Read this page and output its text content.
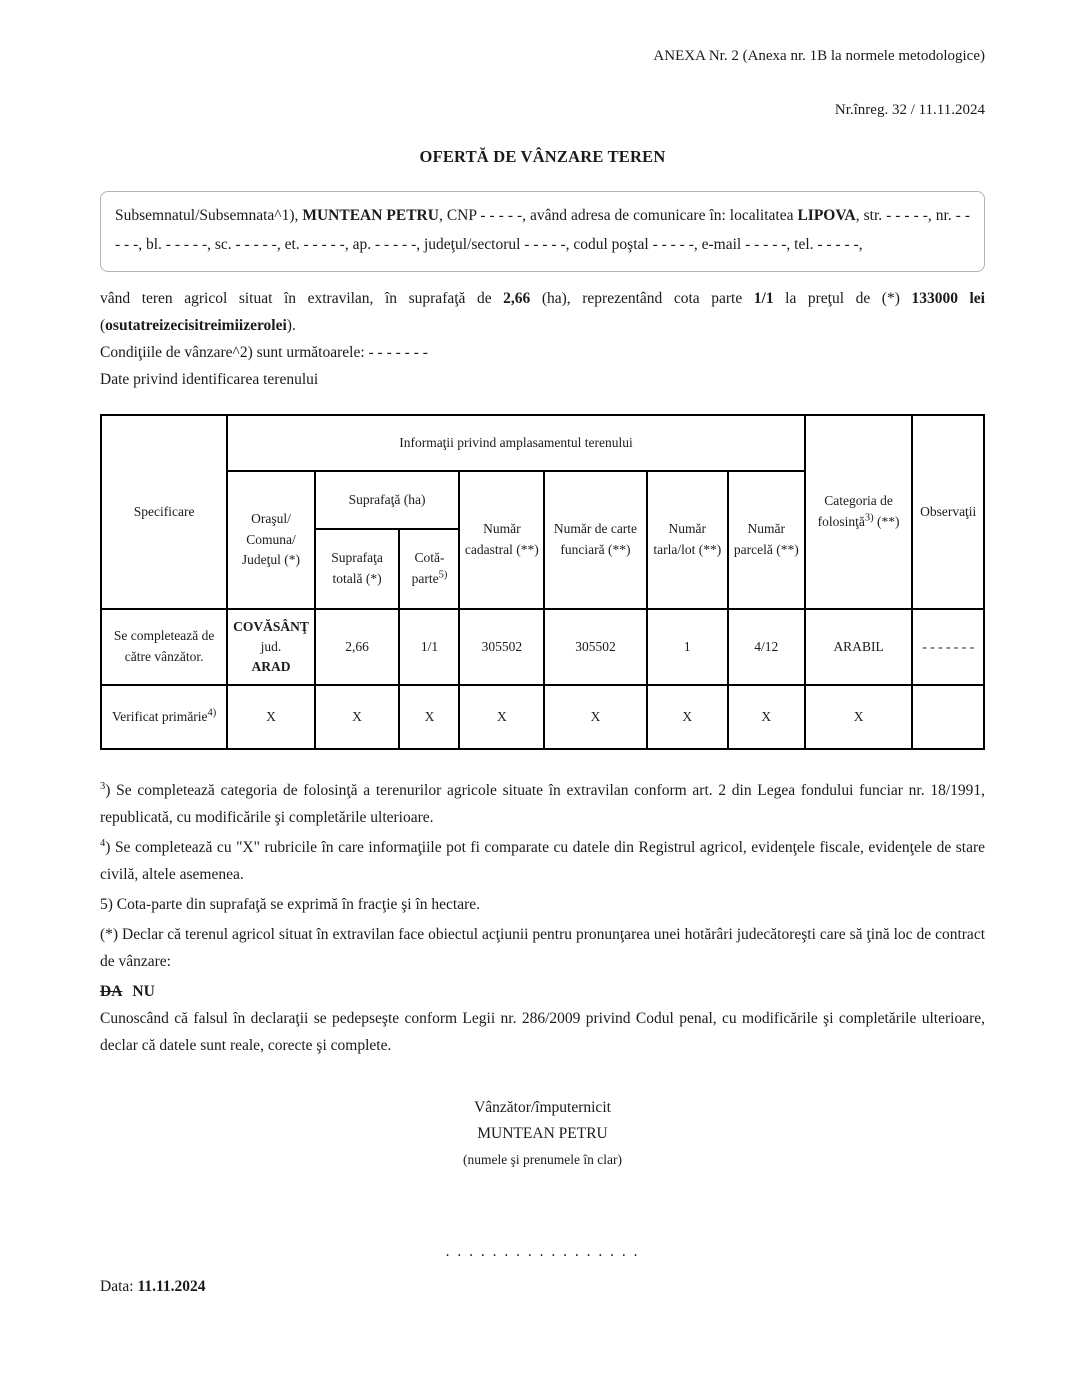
ANEXA Nr. 2 (Anexa nr. 1B la normele metodologice)

Nr.înreg. 32 / 11.11.2024

OFERTĂ DE VÂNZARE TEREN

Subsemnatul/Subsemnata^1), MUNTEAN PETRU, CNP - - - - -, având adresa de comunicare în: localitatea LIPOVA, str. - - - - -, nr. - - - - -, bl. - - - - -, sc. - - - - -, et. - - - - -, ap. - - - - -, judeţul/sectorul - - - - -, codul poştal - - - - -, e-mail - - - - -, tel. - - - - -,

vând teren agricol situat în extravilan, în suprafaţă de 2,66 (ha), reprezentând cota parte 1/1 la preţul de (*) 133000 lei (osutatreizecisitreimiizerolei).

Condiţiile de vânzare^2) sunt următoarele: - - - - - - -

Date privind identificarea terenului

Specificare	Informaţii privind amplasamentul terenului							Categoria de folosinţă$^{3)}$ (**)	Observaţii
	Oraşul/ Comuna/ Judeţul (*)	Suprafaţă (ha)		Număr cadastral (**)	Număr de carte funciară (**)	Număr tarla/lot (**)	Număr parcelă (**)		
		Suprafaţa totală (*)	Cotă-parte$^{5)}$
Se completează de către vânzător.	COVĂSÂNŢ
jud.
ARAD	2,66	1/1	305502	305502	1	4/12	ARABIL	- - - - - - -
Verificat primărie$^{4)}$	X	X	X	X	X	X	X	X	

$^3$) Se completează categoria de folosinţă a terenurilor agricole situate în extravilan conform art. 2 din Legea fondului funciar nr. 18/1991, republicată, cu modificările şi completările ulterioare.

$^4$) Se completează cu "X" rubricile în care informaţiile pot fi comparate cu datele din Registrul agricol, evidenţele fiscale, evidenţele de stare civilă, altele asemenea.

5) Cota-parte din suprafaţă se exprimă în fracţie şi în hectare.

(*) Declar că terenul agricol situat în extravilan face obiectul acţiunii pentru pronunţarea unei hotărâri judecătoreşti care să ţină loc de contract de vânzare:

DA NU

Cunoscând că falsul în declaraţii se pedepseşte conform Legii nr. 286/2009 privind Codul penal, cu modificările şi completările ulterioare, declar că datele sunt reale, corecte şi complete.

Vânzător/împuternicit
MUNTEAN PETRU
(numele şi prenumele în clar)

. . . . . . . . . . . . . . . . .

Data: 11.11.2024
